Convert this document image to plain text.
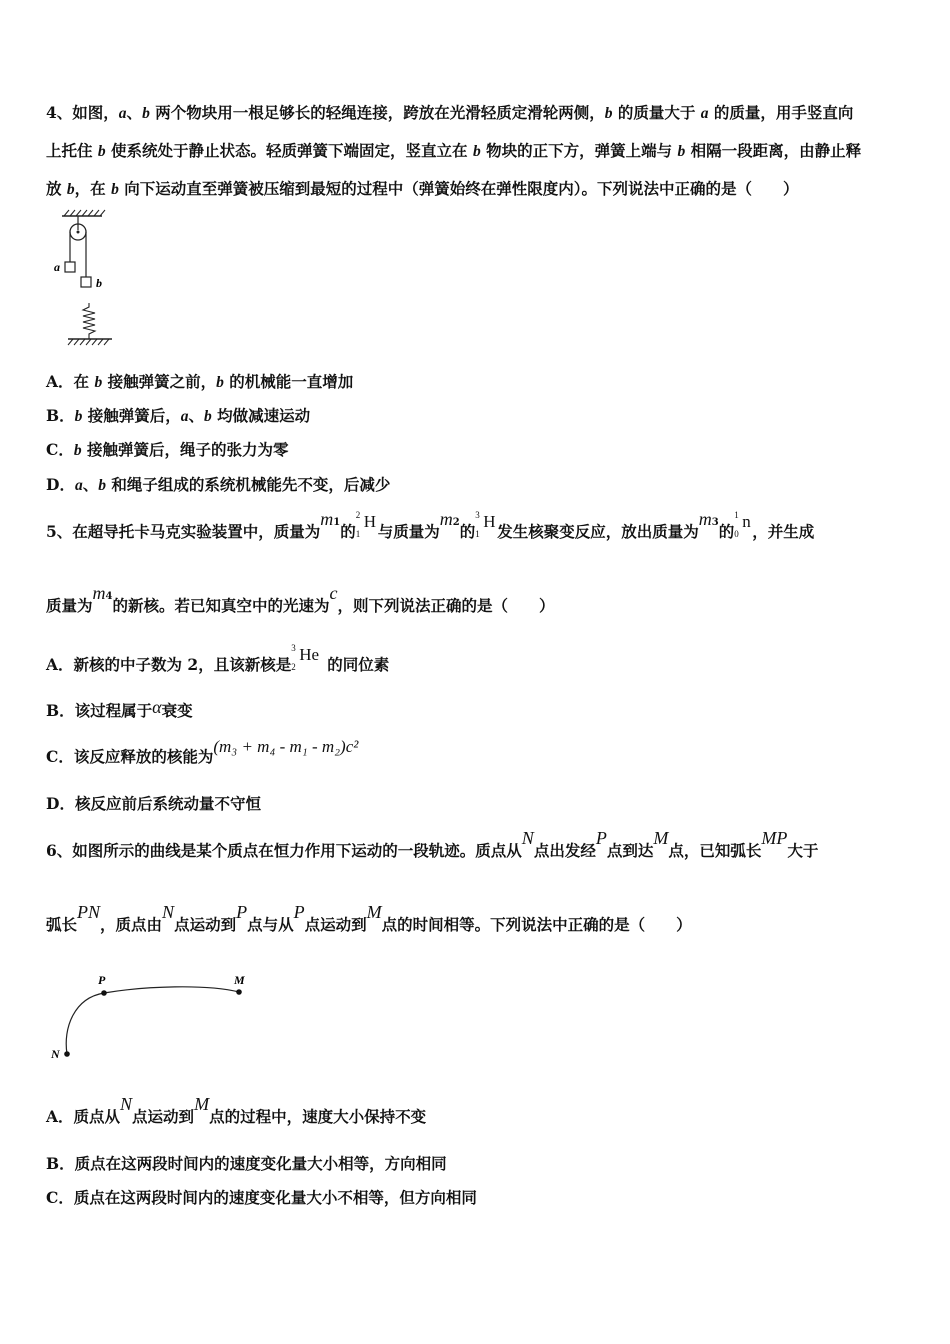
4、如图，a、b 两个物块用一根足够长的轻绳连接，跨放在光滑轻质定滑轮两侧，b 的质量大于 a 的质量，用手竖直向
上托住 b 使系统处于静止状态。轻质弹簧下端固定，竖直立在 b 物块的正下方，弹簧上端与 b 相隔一段距离，由静止释
放 b，在 b 向下运动直至弹簧被压缩到最短的过程中（弹簧始终在弹性限度内）。下列说法中正确的是（　　）
a
b
A．在 b 接触弹簧之前，b 的机械能一直增加
B．b 接触弹簧后，a、b 均做减速运动
C．b 接触弹簧后，绳子的张力为零
D．a、b 和绳子组成的系统机械能先不变，后减少
5、在超导托卡马克实验装置中，质量为m1的
2
1
H
与质量为m2的
3
1
H
发生核聚变反应，放出质量为m3的
1
0
n
，并生成
质量为m4的新核。若已知真空中的光速为c，则下列说法正确的是（　　）
A．新核的中子数为 2，且该新核是
3
2
He
的同位素
B．该过程属于α衰变
C．该反应释放的核能为(m₃ + m₄ - m₁ - m₂)c²
D．核反应前后系统动量不守恒
6、如图所示的曲线是某个质点在恒力作用下运动的一段轨迹。质点从N点出发经P点到达M点，已知弧长MP大于
弧长PN，质点由N点运动到P点与从P点运动到M点的时间相等。下列说法中正确的是（　　）
P	M
N
A．质点从N点运动到M点的过程中，速度大小保持不变
B．质点在这两段时间内的速度变化量大小相等，方向相同
C．质点在这两段时间内的速度变化量大小不相等，但方向相同
